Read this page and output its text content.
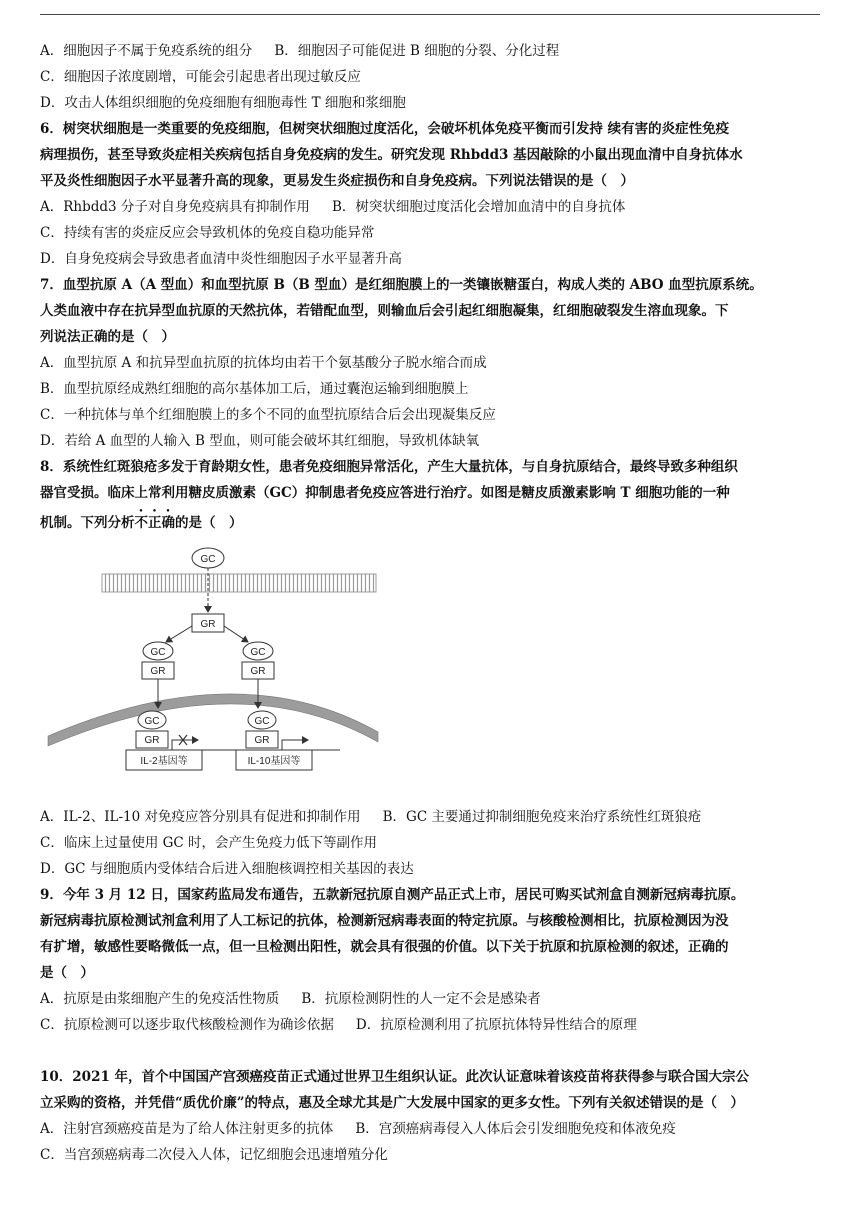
A．细胞因子不属于免疫系统的组分 　 B．细胞因子可能促进 B 细胞的分裂、分化过程
C．细胞因子浓度剧增，可能会引起患者出现过敏反应
D．攻击人体组织细胞的免疫细胞有细胞毒性 T 细胞和浆细胞
6．树突状细胞是一类重要的免疫细胞，但树突状细胞过度活化，会破坏机体免疫平衡而引发持 续有害的炎症性免疫
病理损伤，甚至导致炎症相关疾病包括自身免疫病的发生。研究发现 Rhbdd3 基因敲除的小鼠出现血清中自身抗体水
平及炎性细胞因子水平显著升高的现象，更易发生炎症损伤和自身免疫病。下列说法错误的是（　）
A．Rhbdd3 分子对自身免疫病具有抑制作用 　 B．树突状细胞过度活化会增加血清中的自身抗体
C．持续有害的炎症反应会导致机体的免疫自稳功能异常
D．自身免疫病会导致患者血清中炎性细胞因子水平显著升高
7．血型抗原 A（A 型血）和血型抗原 B（B 型血）是红细胞膜上的一类镶嵌糖蛋白，构成人类的 ABO 血型抗原系统。
人类血液中存在抗异型血抗原的天然抗体，若错配血型，则输血后会引起红细胞凝集，红细胞破裂发生溶血现象。下
列说法正确的是（　）
A．血型抗原 A 和抗异型血抗原的抗体均由若干个氨基酸分子脱水缩合而成
B．血型抗原经成熟红细胞的高尔基体加工后，通过囊泡运输到细胞膜上
C．一种抗体与单个红细胞膜上的多个不同的血型抗原结合后会出现凝集反应
D．若给 A 血型的人输入 B 型血，则可能会破坏其红细胞，导致机体缺氧
8．系统性红斑狼疮多发于育龄期女性，患者免疫细胞异常活化，产生大量抗体，与自身抗原结合，最终导致多种组织
器官受损。临床上常利用糖皮质激素（GC）抑制患者免疫应答进行治疗。如图是糖皮质激素影响 T 细胞功能的一种
机制。下列分析不正确的是（　）
GC
GR
GC
GR
GC
GR
GC
GR
GC
GR
IL-2基因等	IL-10基因等
A．IL-2、IL-10 对免疫应答分别具有促进和抑制作用 　 B．GC 主要通过抑制细胞免疫来治疗系统性红斑狼疮
C．临床上过量使用 GC 时，会产生免疫力低下等副作用
D．GC 与细胞质内受体结合后进入细胞核调控相关基因的表达
9．今年 3 月 12 日，国家药监局发布通告，五款新冠抗原自测产品正式上市，居民可购买试剂盒自测新冠病毒抗原。
新冠病毒抗原检测试剂盒利用了人工标记的抗体，检测新冠病毒表面的特定抗原。与核酸检测相比，抗原检测因为没
有扩增，敏感性要略微低一点，但一旦检测出阳性，就会具有很强的价值。以下关于抗原和抗原检测的叙述，正确的
是（　）
A．抗原是由浆细胞产生的免疫活性物质 　 B．抗原检测阴性的人一定不会是感染者
C．抗原检测可以逐步取代核酸检测作为确诊依据 　 D．抗原检测利用了抗原抗体特异性结合的原理
10．2021 年，首个中国国产宫颈癌疫苗正式通过世界卫生组织认证。此次认证意味着该疫苗将获得参与联合国大宗公
立采购的资格，并凭借“质优价廉”的特点，惠及全球尤其是广大发展中国家的更多女性。下列有关叙述错误的是（　）
A．注射宫颈癌疫苗是为了给人体注射更多的抗体 　 B．宫颈癌病毒侵入人体后会引发细胞免疫和体液免疫
C．当宫颈癌病毒二次侵入人体，记忆细胞会迅速增殖分化
